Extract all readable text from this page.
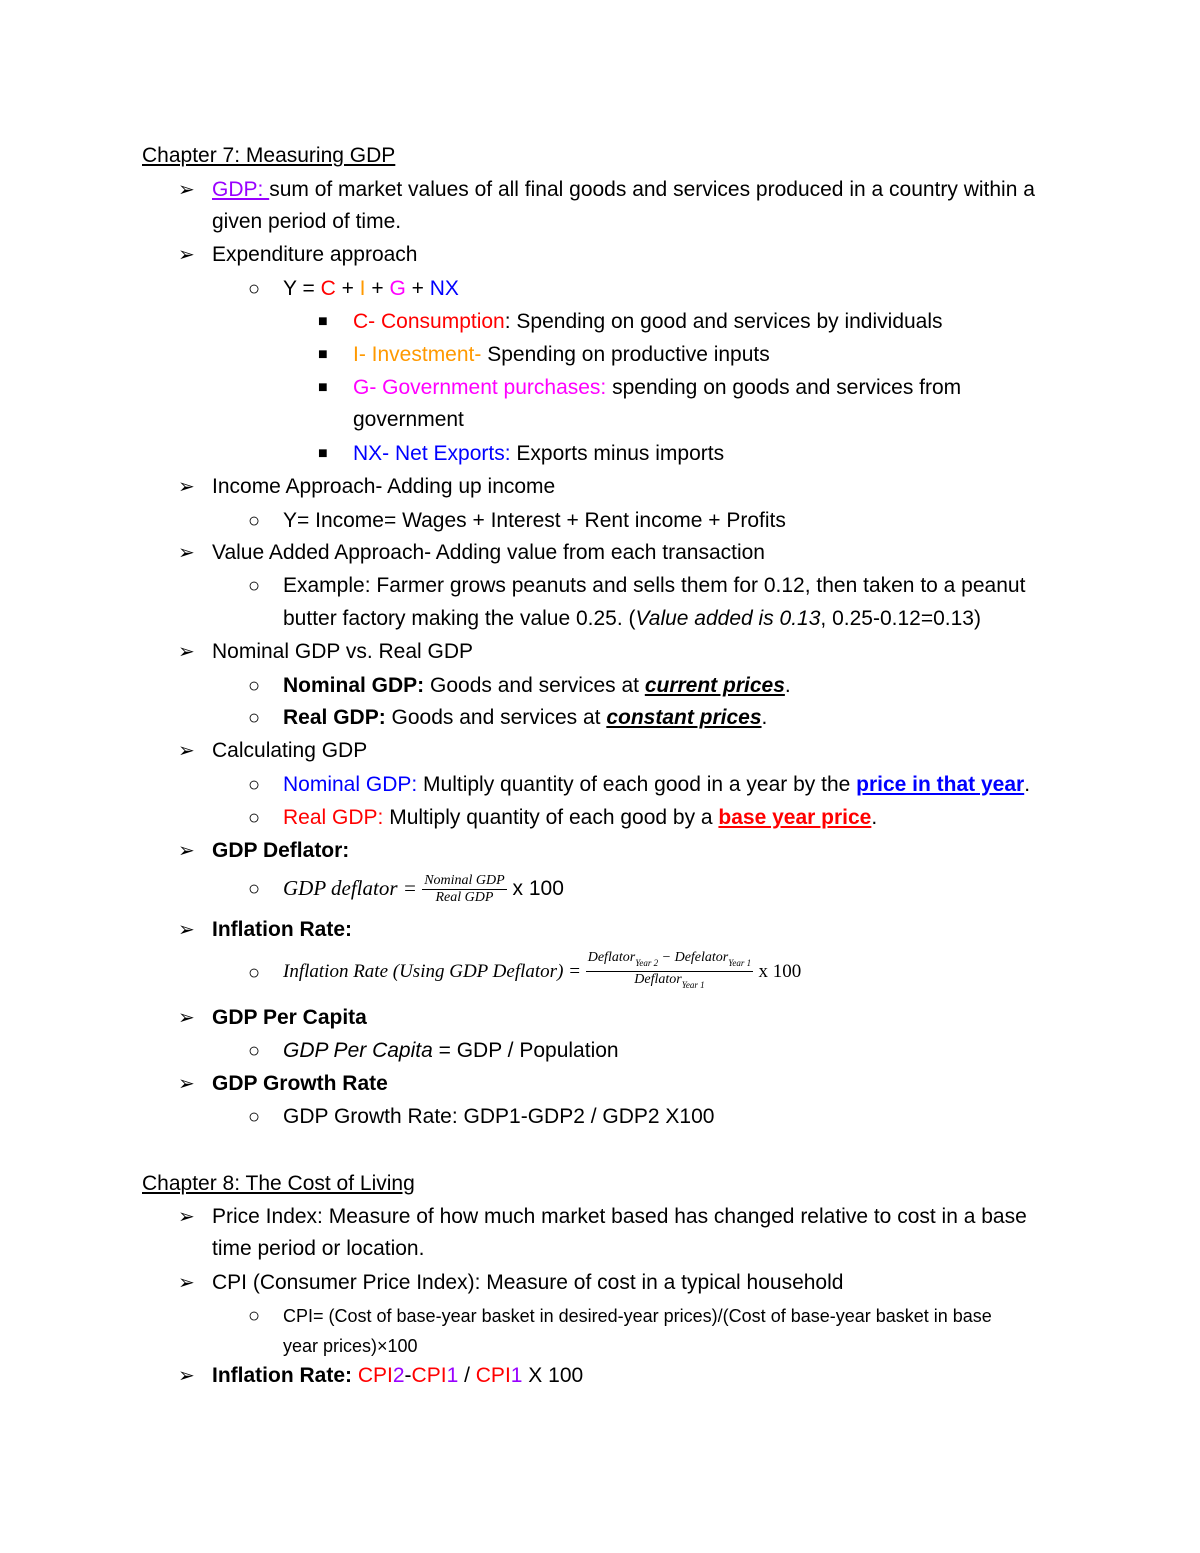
Chapter 7: Measuring GDP
➢ GDP: sum of market values of all final goods and services produced in a country within a
given period of time.
➢ Expenditure approach
○ Y = C + I + G + NX
■ C- Consumption: Spending on good and services by individuals
■ I- Investment- Spending on productive inputs
■ G- Government purchases: spending on goods and services from
government
■ NX- Net Exports: Exports minus imports
➢ Income Approach- Adding up income
○ Y= Income= Wages + Interest + Rent income + Profits
➢ Value Added Approach- Adding value from each transaction
○ Example: Farmer grows peanuts and sells them for 0.12, then taken to a peanut
butter factory making the value 0.25. (Value added is 0.13, 0.25-0.12=0.13)
➢ Nominal GDP vs. Real GDP
○ Nominal GDP: Goods and services at current prices.
○ Real GDP: Goods and services at constant prices.
➢ Calculating GDP
○ Nominal GDP: Multiply quantity of each good in a year by the price in that year.
○ Real GDP: Multiply quantity of each good by a base year price.
➢ GDP Deflator:
○ GDP deflator = $\frac{\text{Nominal GDP}}{\text{Real GDP}}$ x 100
➢ Inflation Rate:
○ Inflation Rate (Using GDP Deflator) = $\frac{Deflator_{Year 2} - Defelator_{Year 1}}{Deflator_{Year 1}}$ x 100
➢ GDP Per Capita
○ GDP Per Capita = GDP / Population
➢ GDP Growth Rate
○ GDP Growth Rate: GDP1-GDP2 / GDP2 X100
Chapter 8: The Cost of Living
➢ Price Index: Measure of how much market based has changed relative to cost in a base
time period or location.
➢ CPI (Consumer Price Index): Measure of cost in a typical household
○ CPI= (Cost of base-year basket in desired-year prices)/(Cost of base-year basket in base
year prices)×100
➢ Inflation Rate: CPI2-CPI1 / CPI1 X 100
